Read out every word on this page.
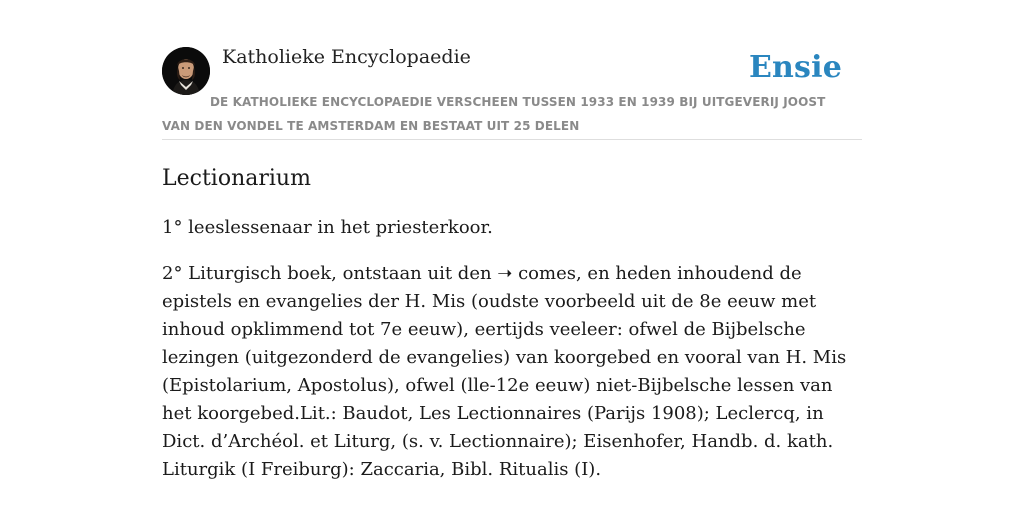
Katholieke Encyclopaedie	Ensie
DE KATHOLIEKE ENCYCLOPAEDIE VERSCHEEN TUSSEN 1933 EN 1939 BIJ UITGEVERIJ JOOST VAN DEN VONDEL TE AMSTERDAM EN BESTAAT UIT 25 DELEN
Lectionarium

1° leeslessenaar in het priesterkoor.

2° Liturgisch boek, ontstaan uit den ➝ comes, en heden inhoudend de epistels en evangelies der H. Mis (oudste voorbeeld uit de 8e eeuw met inhoud opklimmend tot 7e eeuw), eertijds veeleer: ofwel de Bijbelsche lezingen (uitgezonderd de evangelies) van koorgebed en vooral van H. Mis (Epistolarium, Apostolus), ofwel (lle-12e eeuw) niet-Bijbelsche lessen van het koorgebed.Lit.: Baudot, Les Lectionnaires (Parijs 1908); Leclercq, in Dict. d’Archéol. et Liturg, (s. v. Lectionnaire); Eisenhofer, Handb. d. kath. Liturgik (I Freiburg): Zaccaria, Bibl. Ritualis (I).
